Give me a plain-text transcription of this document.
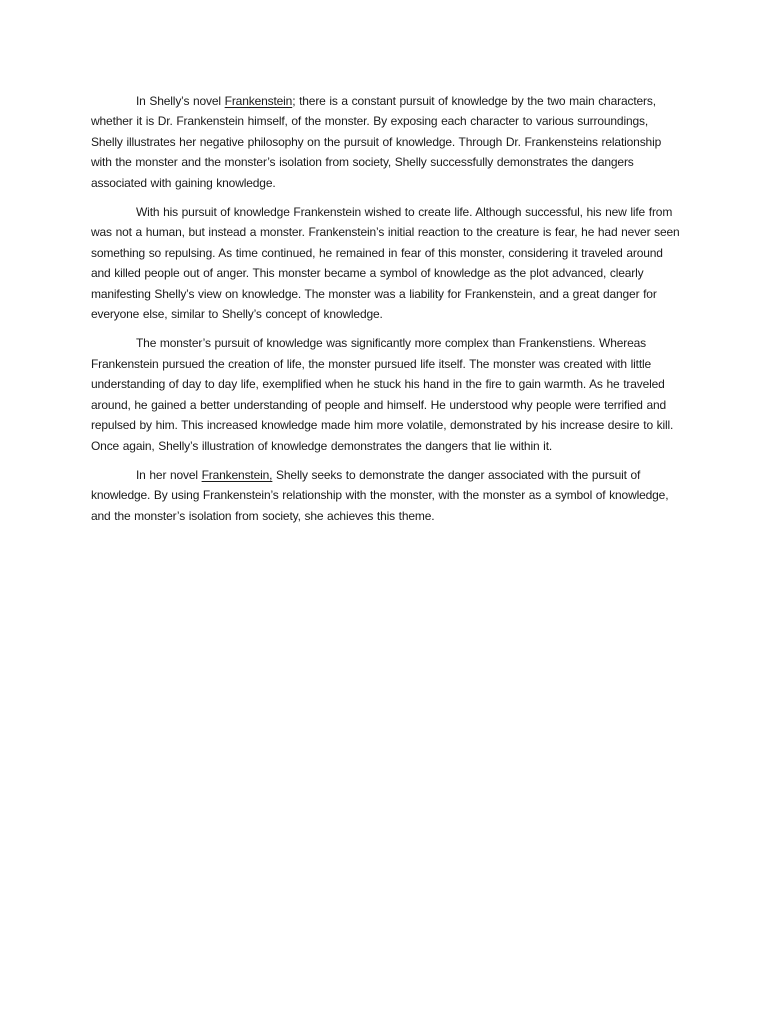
In Shelly’s novel Frankenstein; there is a constant pursuit of knowledge by the two main characters, whether it is Dr. Frankenstein himself, of the monster. By exposing each character to various surroundings, Shelly illustrates her negative philosophy on the pursuit of knowledge. Through Dr. Frankensteins relationship with the monster and the monster’s isolation from society, Shelly successfully demonstrates the dangers associated with gaining knowledge.

With his pursuit of knowledge Frankenstein wished to create life. Although successful, his new life from was not a human, but instead a monster. Frankenstein’s initial reaction to the creature is fear, he had never seen something so repulsing. As time continued, he remained in fear of this monster, considering it traveled around and killed people out of anger. This monster became a symbol of knowledge as the plot advanced, clearly manifesting Shelly’s view on knowledge. The monster was a liability for Frankenstein, and a great danger for everyone else, similar to Shelly’s concept of knowledge.

The monster’s pursuit of knowledge was significantly more complex than Frankenstiens. Whereas Frankenstein pursued the creation of life, the monster pursued life itself. The monster was created with little understanding of day to day life, exemplified when he stuck his hand in the fire to gain warmth. As he traveled around, he gained a better understanding of people and himself. He understood why people were terrified and repulsed by him. This increased knowledge made him more volatile, demonstrated by his increase desire to kill. Once again, Shelly’s illustration of knowledge demonstrates the dangers that lie within it.

In her novel Frankenstein, Shelly seeks to demonstrate the danger associated with the pursuit of knowledge. By using Frankenstein’s relationship with the monster, with the monster as a symbol of knowledge, and the monster’s isolation from society, she achieves this theme.
